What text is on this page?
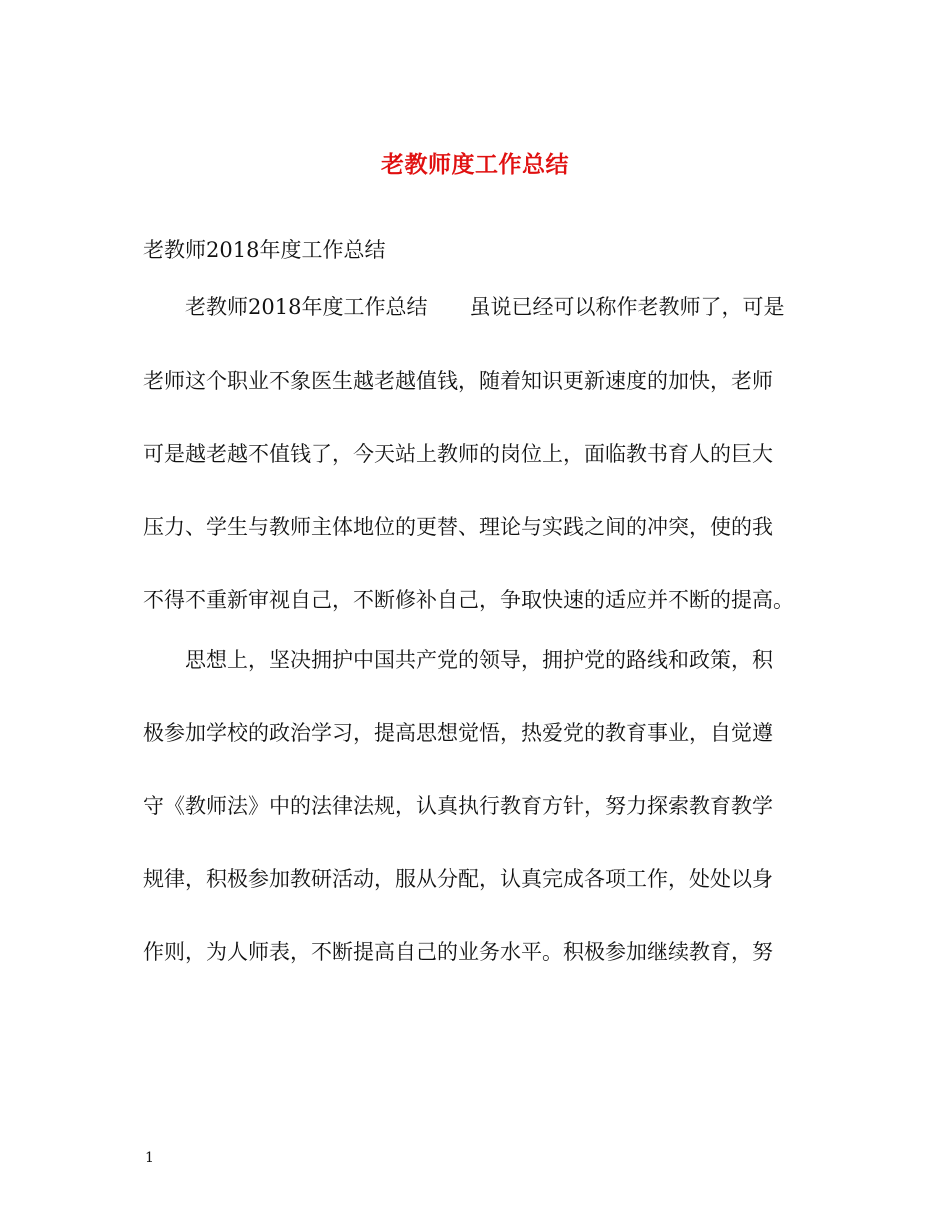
老教师度工作总结
老教师2018年度工作总结
老教师2018年度工作总结　　虽说已经可以称作老教师了，可是
老师这个职业不象医生越老越值钱，随着知识更新速度的加快，老师
可是越老越不值钱了，今天站上教师的岗位上，面临教书育人的巨大
压力、学生与教师主体地位的更替、理论与实践之间的冲突，使的我
不得不重新审视自己，不断修补自己，争取快速的适应并不断的提高。
思想上，坚决拥护中国共产党的领导，拥护党的路线和政策，积
极参加学校的政治学习，提高思想觉悟，热爱党的教育事业，自觉遵
守《教师法》中的法律法规，认真执行教育方针，努力探索教育教学
规律，积极参加教研活动，服从分配，认真完成各项工作，处处以身
作则，为人师表，不断提高自己的业务水平。积极参加继续教育，努
1
